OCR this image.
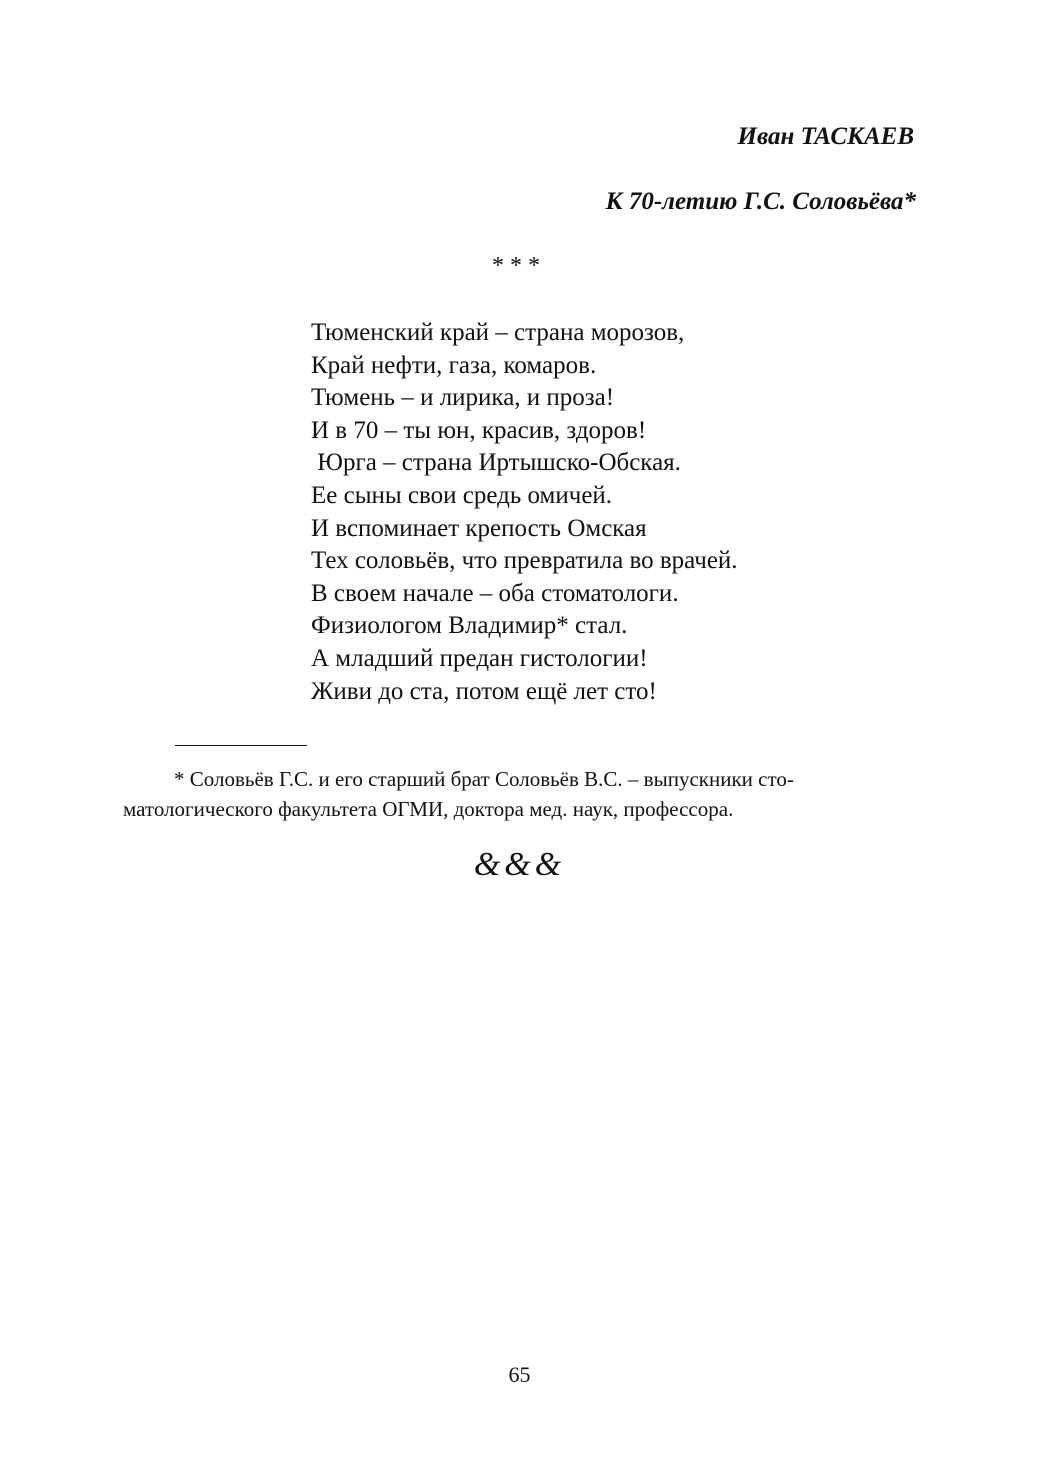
Иван ТАСКАЕВ
К 70-летию Г.С. Соловьёва*
* * *
Тюменский край – страна морозов,
Край нефти, газа, комаров.
Тюмень – и лирика, и проза!
И в 70 – ты юн, красив, здоров!
Юрга – страна Иртышско-Обская.
Ее сыны свои средь омичей.
И вспоминает крепость Омская
Тех соловьёв, что превратила во врачей.
В своем начале – оба стоматологи.
Физиологом Владимир* стал.
А младший предан гистологии!
Живи до ста, потом ещё лет сто!

* Соловьёв Г.С. и его старший брат Соловьёв В.С. – выпускники сто-матологического факультета ОГМИ, доктора мед. наук, профессора.

&&&
65
